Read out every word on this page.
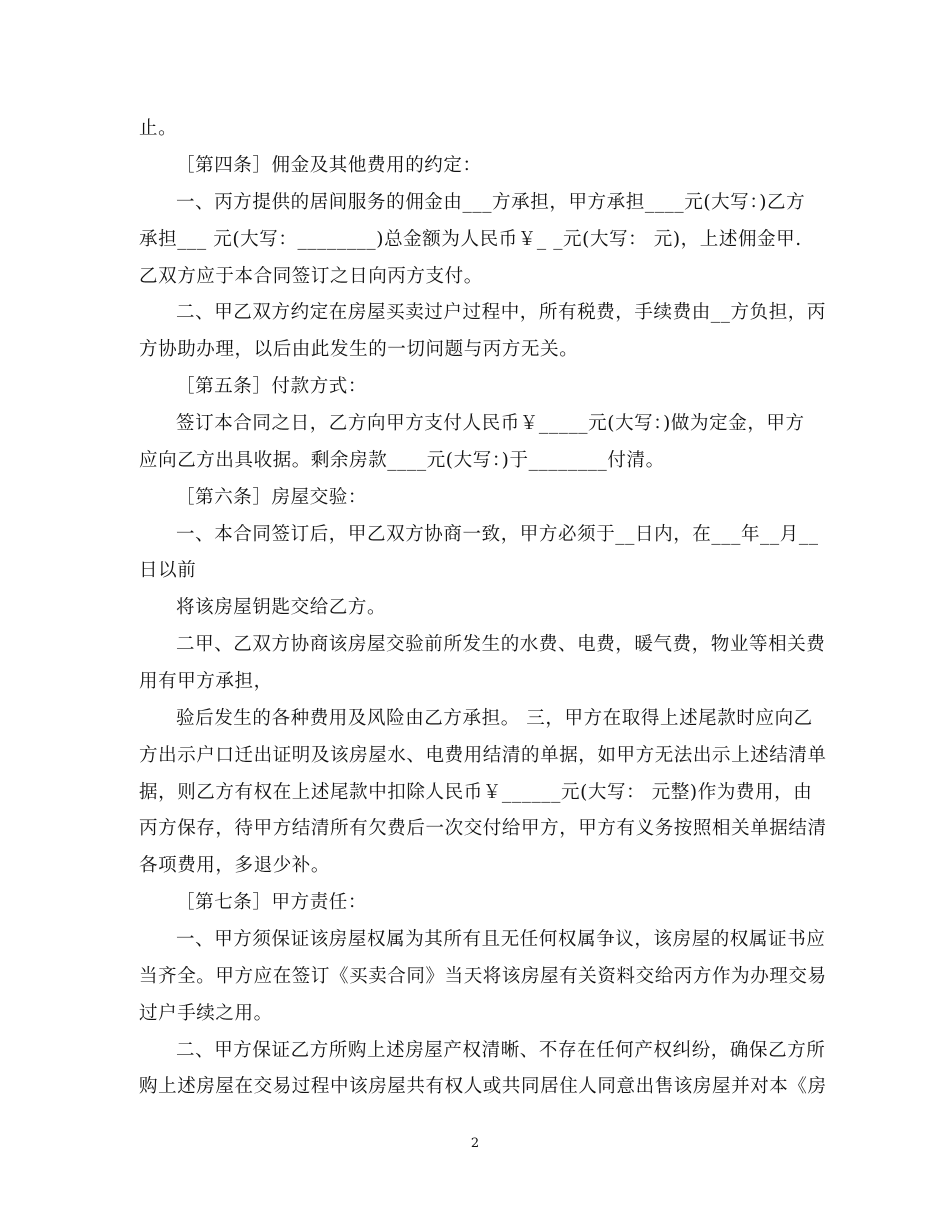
止。
［第四条］佣金及其他费用的约定：
一、丙方提供的居间服务的佣金由___方承担，甲方承担____元(大写：)乙方
承担___ 元(大写：________)总金额为人民币￥_ _元(大写： 元)，上述佣金甲.
乙双方应于本合同签订之日向丙方支付。
二、甲乙双方约定在房屋买卖过户过程中，所有税费，手续费由__方负担，丙
方协助办理，以后由此发生的一切问题与丙方无关。
［第五条］付款方式：
签订本合同之日，乙方向甲方支付人民币￥_____元(大写：)做为定金，甲方
应向乙方出具收据。剩余房款____元(大写：)于________付清。
［第六条］房屋交验：
一、本合同签订后，甲乙双方协商一致，甲方必须于__日内，在___年__月__
日以前
将该房屋钥匙交给乙方。
二甲、乙双方协商该房屋交验前所发生的水费、电费，暖气费，物业等相关费
用有甲方承担，
验后发生的各种费用及风险由乙方承担。 三，甲方在取得上述尾款时应向乙
方出示户口迁出证明及该房屋水、电费用结清的单据，如甲方无法出示上述结清单
据，则乙方有权在上述尾款中扣除人民币￥______元(大写： 元整)作为费用，由
丙方保存，待甲方结清所有欠费后一次交付给甲方，甲方有义务按照相关单据结清
各项费用，多退少补。
［第七条］甲方责任：
一、甲方须保证该房屋权属为其所有且无任何权属争议，该房屋的权属证书应
当齐全。甲方应在签订《买卖合同》当天将该房屋有关资料交给丙方作为办理交易
过户手续之用。
二、甲方保证乙方所购上述房屋产权清晰、不存在任何产权纠纷，确保乙方所
购上述房屋在交易过程中该房屋共有权人或共同居住人同意出售该房屋并对本《房
2
